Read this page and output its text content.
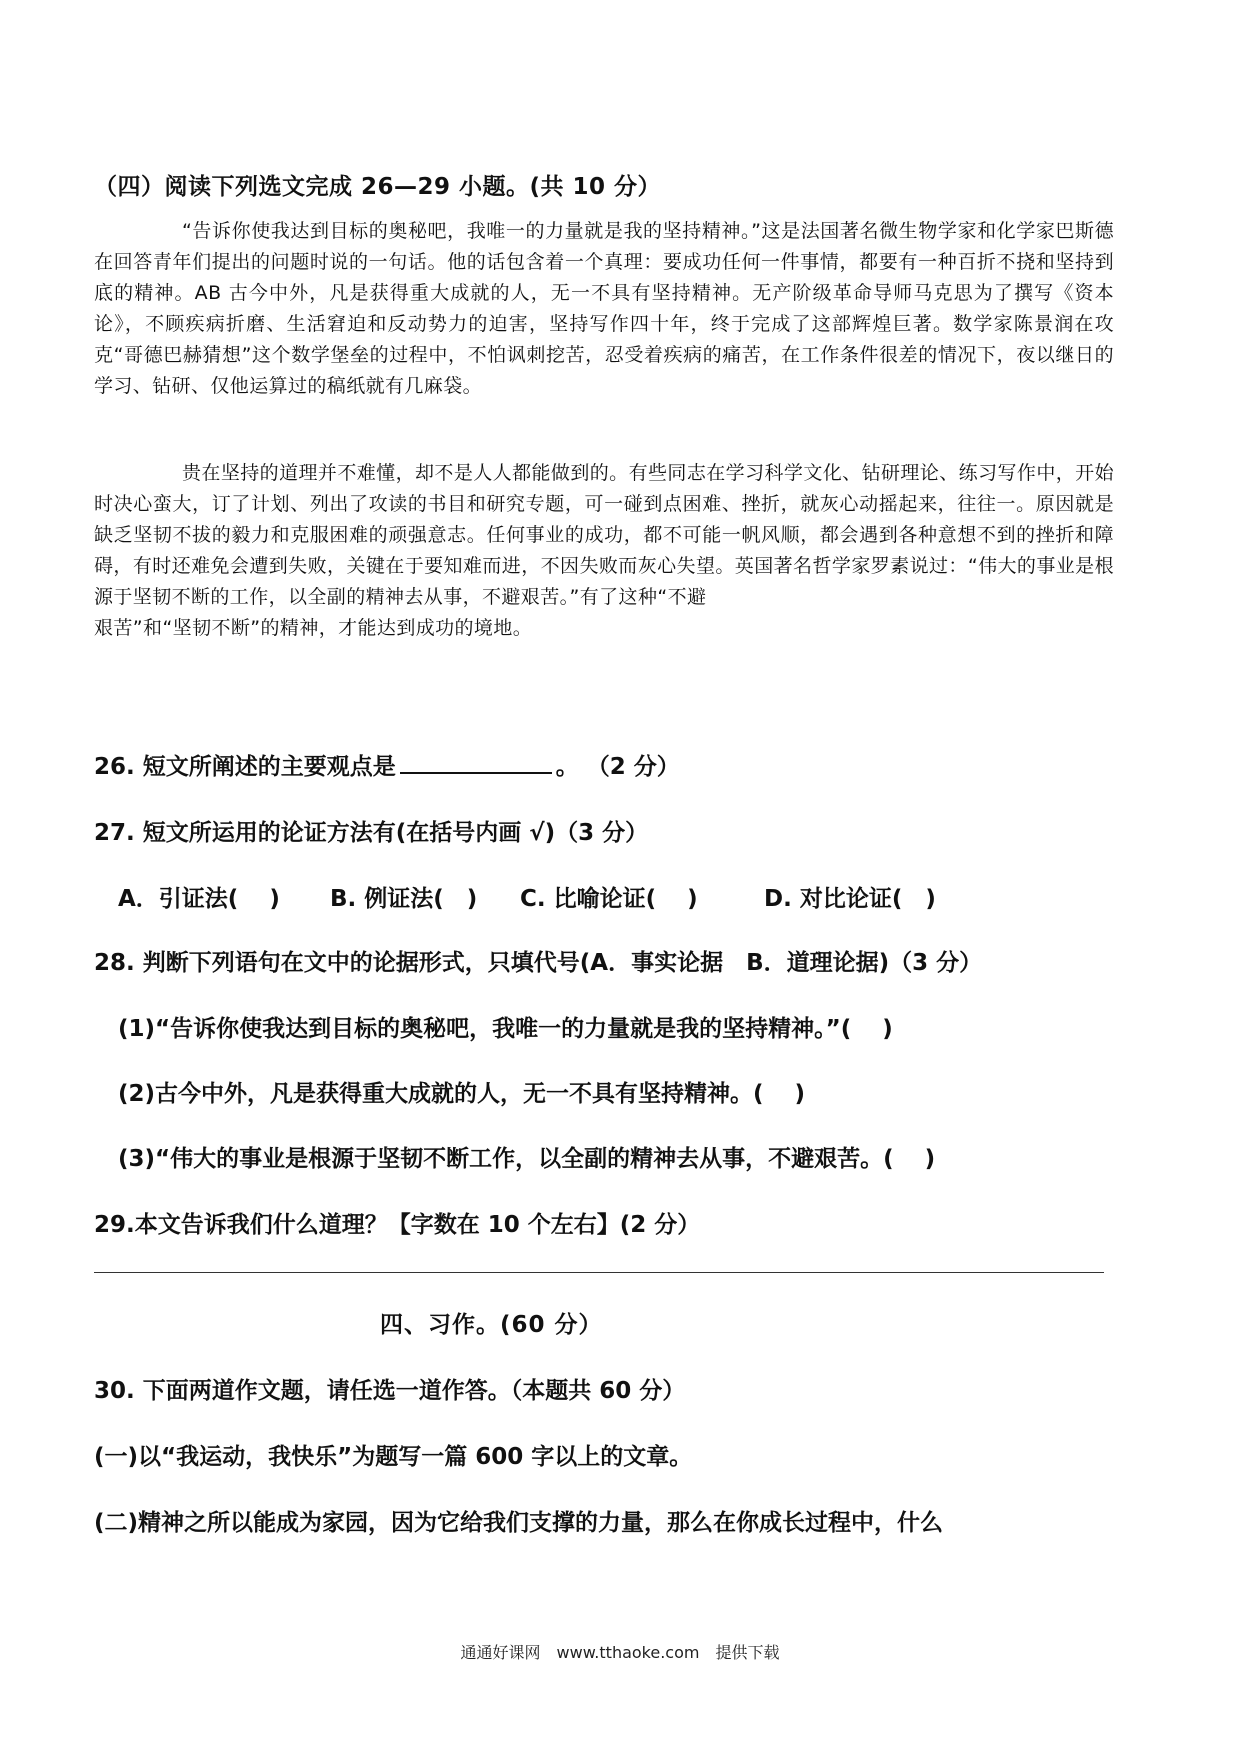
（四）阅读下列选文完成 26—29 小题。(共 10 分）

“告诉你使我达到目标的奥秘吧，我唯一的力量就是我的坚持精神。”这是法国著名微生物学家和化学家巴斯德在回答青年们提出的问题时说的一句话。他的话包含着一个真理：要成功任何一件事情，都要有一种百折不挠和坚持到底的精神。AB 古今中外，凡是获得重大成就的人，无一不具有坚持精神。无产阶级革命导师马克思为了撰写《资本论》，不顾疾病折磨、生活窘迫和反动势力的迫害，坚持写作四十年，终于完成了这部辉煌巨著。数学家陈景润在攻克“哥德巴赫猜想”这个数学堡垒的过程中，不怕讽刺挖苦，忍受着疾病的痛苦，在工作条件很差的情况下，夜以继日的学习、钻研、仅他运算过的稿纸就有几麻袋。

贵在坚持的道理并不难懂，却不是人人都能做到的。有些同志在学习科学文化、钻研理论、练习写作中，开始时决心蛮大，订了计划、列出了攻读的书目和研究专题，可一碰到点困难、挫折，就灰心动摇起来，往往一。原因就是缺乏坚韧不拔的毅力和克服困难的顽强意志。任何事业的成功，都不可能一帆风顺，都会遇到各种意想不到的挫折和障碍，有时还难免会遭到失败，关键在于要知难而进，不因失败而灰心失望。英国著名哲学家罗素说过：“伟大的事业是根源于坚韧不断的工作，以全副的精神去从事，不避艰苦。”有了这种“不避

艰苦”和“坚韧不断”的精神，才能达到成功的境地。

26. 短文所阐述的主要观点是	。 （2 分）
27. 短文所运用的论证方法有(在括号内画 √)（3 分）
A．引证法(　 ) B. 例证法(　) C. 比喻论证(　 )	D. 对比论证(　)
28. 判断下列语句在文中的论据形式，只填代号(A．事实论据　B．道理论据)（3 分）
(1)“告诉你使我达到目标的奥秘吧，我唯一的力量就是我的坚持精神。”(　 )
(2)古今中外，凡是获得重大成就的人，无一不具有坚持精神。(　 )
(3)“伟大的事业是根源于坚韧不断工作，以全副的精神去从事，不避艰苦。(　 )
29.本文告诉我们什么道理？【字数在 10 个左右】(2 分）
四、习作。(60 分）
30. 下面两道作文题，请任选一道作答。（本题共 60 分）
(一)以“我运动，我快乐”为题写一篇 600 字以上的文章。
(二)精神之所以能成为家园，因为它给我们支撑的力量，那么在你成长过程中，什么
通通好课网　www.tthaoke.com　提供下载
